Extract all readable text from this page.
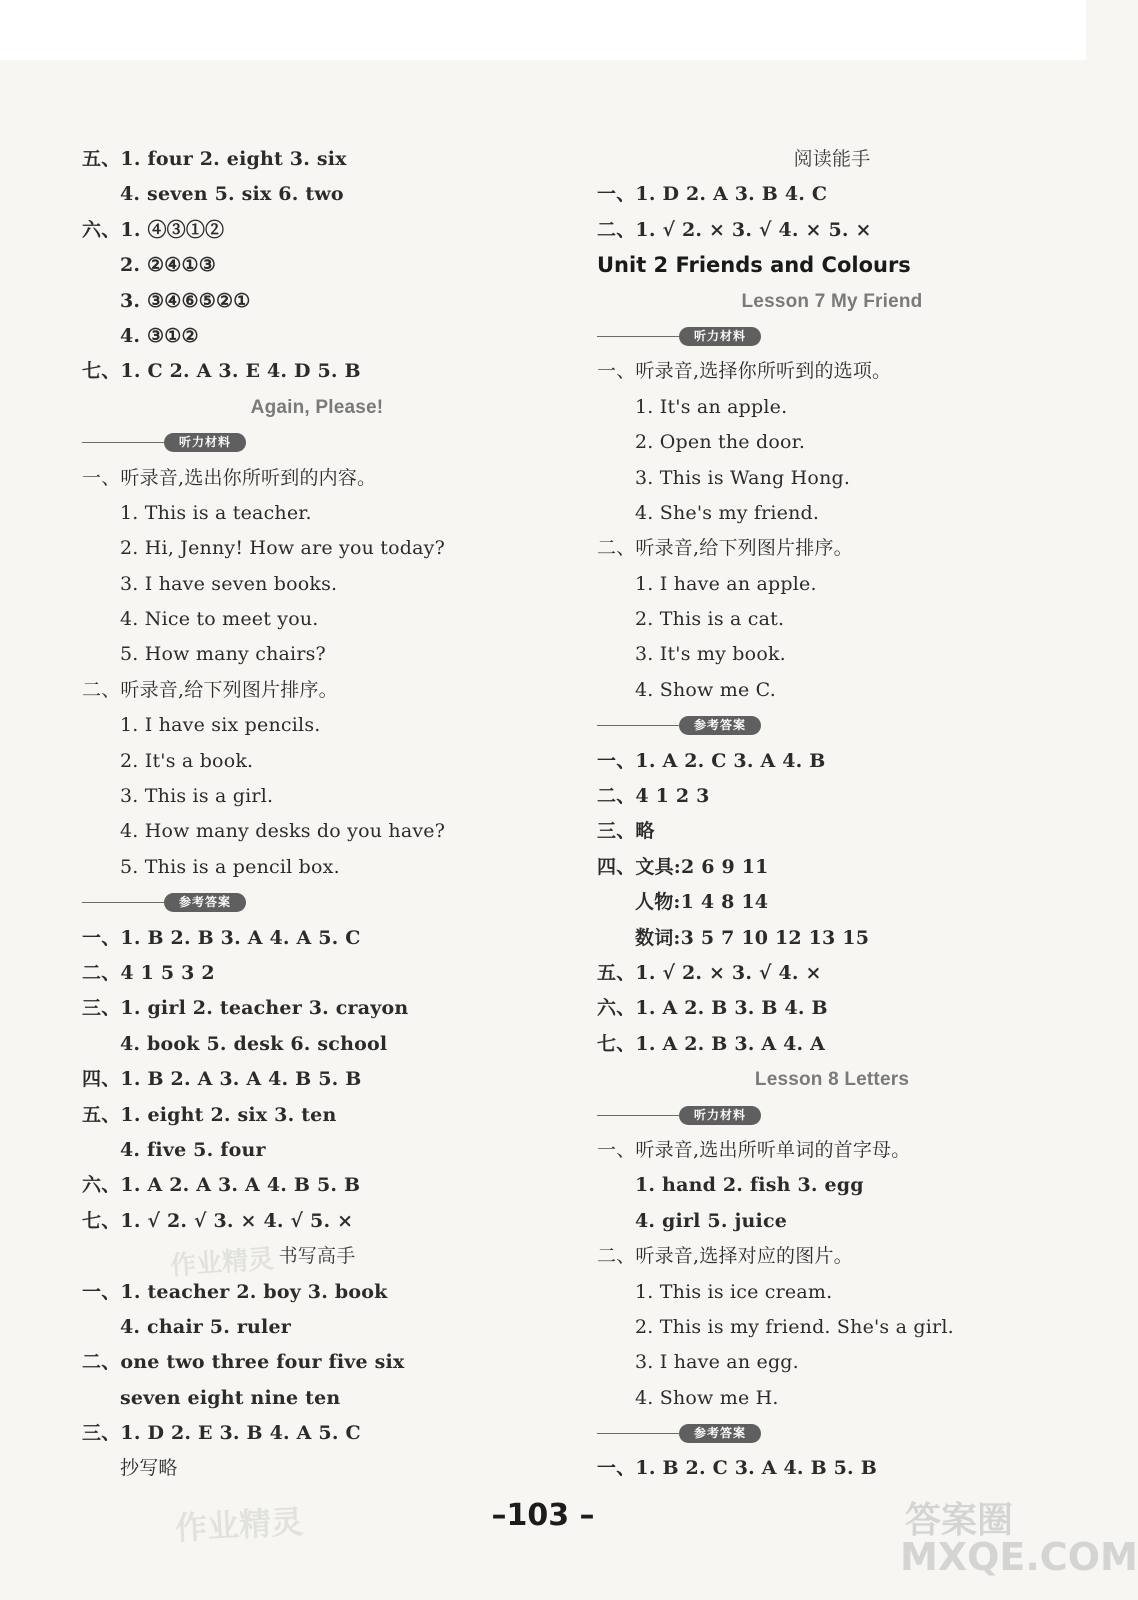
五、1. four 2. eight 3. six
4. seven 5. six 6. two
六、1. ④③①②
2. ②④①③
3. ③④⑥⑤②①
4. ③①②
七、1. C 2. A 3. E 4. D 5. B
Again, Please!
听力材料
一、听录音,选出你所听到的内容。
1. This is a teacher.
2. Hi, Jenny! How are you today?
3. I have seven books.
4. Nice to meet you.
5. How many chairs?
二、听录音,给下列图片排序。
1. I have six pencils.
2. It's a book.
3. This is a girl.
4. How many desks do you have?
5. This is a pencil box.
参考答案
一、1. B 2. B 3. A 4. A 5. C
二、4 1 5 3 2
三、1. girl 2. teacher 3. crayon
4. book 5. desk 6. school
四、1. B 2. A 3. A 4. B 5. B
五、1. eight 2. six 3. ten
4. five 5. four
六、1. A 2. A 3. A 4. B 5. B
七、1. √ 2. √ 3. × 4. √ 5. ×
书写高手
一、1. teacher 2. boy 3. book
4. chair 5. ruler
二、one two three four five six
seven eight nine ten
三、1. D 2. E 3. B 4. A 5. C
抄写略
阅读能手
一、1. D 2. A 3. B 4. C
二、1. √ 2. × 3. √ 4. × 5. ×
Unit 2 Friends and Colours
Lesson 7 My Friend
听力材料
一、听录音,选择你所听到的选项。
1. It's an apple.
2. Open the door.
3. This is Wang Hong.
4. She's my friend.
二、听录音,给下列图片排序。
1. I have an apple.
2. This is a cat.
3. It's my book.
4. Show me C.
参考答案
一、1. A 2. C 3. A 4. B
二、4 1 2 3
三、略
四、文具:2 6 9 11
人物:1 4 8 14
数词:3 5 7 10 12 13 15
五、1. √ 2. × 3. √ 4. ×
六、1. A 2. B 3. B 4. B
七、1. A 2. B 3. A 4. A
Lesson 8 Letters
听力材料
一、听录音,选出所听单词的首字母。
1. hand 2. fish 3. egg
4. girl 5. juice
二、听录音,选择对应的图片。
1. This is ice cream.
2. This is my friend. She's a girl.
3. I have an egg.
4. Show me H.
参考答案
一、1. B 2. C 3. A 4. B 5. B
–103 –
作业精灵
作业精灵
MXQE.COM
答案圈
